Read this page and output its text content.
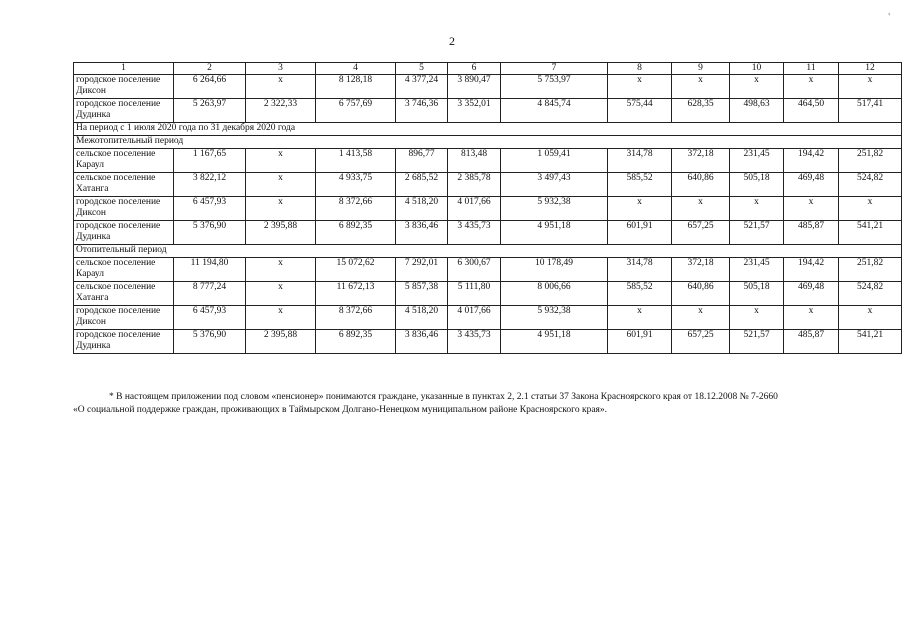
'
2
1	2	3	4	5	6	7	8	9	10	11	12
городское поселение Диксон	6 264,66	х	8 128,18	4 377,24	3 890,47	5 753,97	х	х	х	х	х
городское поселение Дудинка	5 263,97	2 322,33	6 757,69	3 746,36	3 352,01	4 845,74	575,44	628,35	498,63	464,50	517,41
На период с 1 июля 2020 года по 31 декабря 2020 года											
Межотопительный период											
сельское поселение Караул	1 167,65	х	1 413,58	896,77	813,48	1 059,41	314,78	372,18	231,45	194,42	251,82
сельское поселение Хатанга	3 822,12	х	4 933,75	2 685,52	2 385,78	3 497,43	585,52	640,86	505,18	469,48	524,82
городское поселение Диксон	6 457,93	х	8 372,66	4 518,20	4 017,66	5 932,38	х	х	х	х	х
городское поселение Дудинка	5 376,90	2 395,88	6 892,35	3 836,46	3 435,73	4 951,18	601,91	657,25	521,57	485,87	541,21
Отопительный период											
сельское поселение Караул	11 194,80	х	15 072,62	7 292,01	6 300,67	10 178,49	314,78	372,18	231,45	194,42	251,82
сельское поселение Хатанга	8 777,24	х	11 672,13	5 857,38	5 111,80	8 006,66	585,52	640,86	505,18	469,48	524,82
городское поселение Диксон	6 457,93	х	8 372,66	4 518,20	4 017,66	5 932,38	х	х	х	х	х
городское поселение Дудинка	5 376,90	2 395,88	6 892,35	3 836,46	3 435,73	4 951,18	601,91	657,25	521,57	485,87	541,21
* В настоящем приложении под словом «пенсионер» понимаются граждане, указанные в пунктах 2, 2.1 статьи 37 Закона Красноярского края от 18.12.2008 № 7-2660
«О социальной поддержке граждан, проживающих в Таймырском Долгано-Ненецком муниципальном районе Красноярского края».
